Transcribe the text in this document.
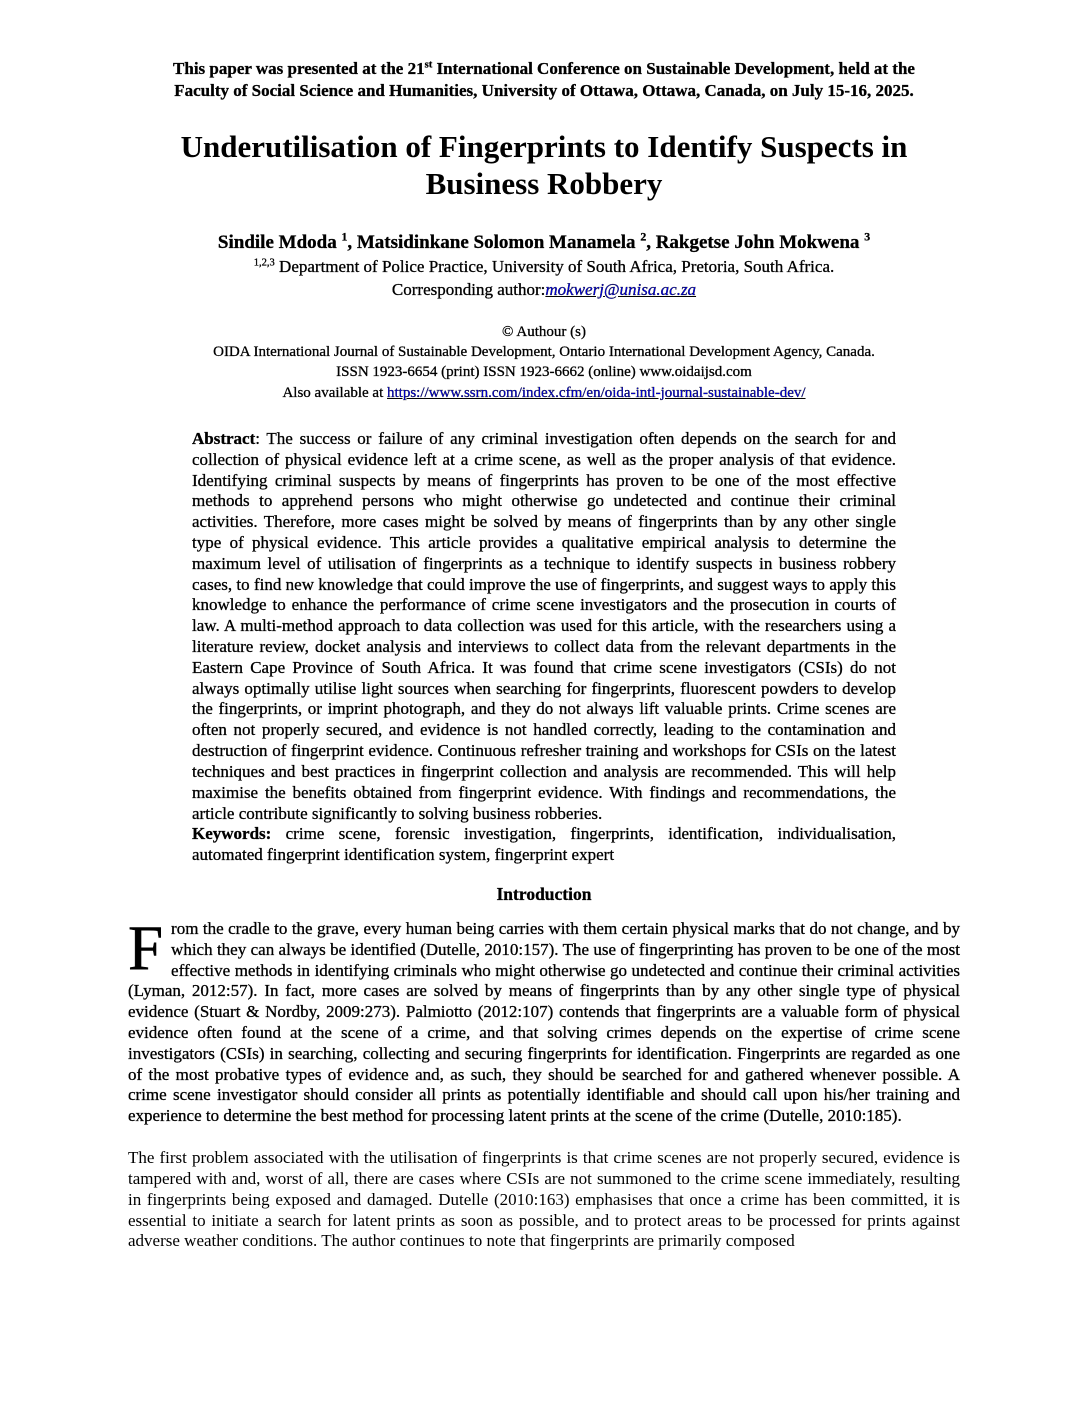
This paper was presented at the 21st International Conference on Sustainable Development, held at the Faculty of Social Science and Humanities, University of Ottawa, Ottawa, Canada, on July 15-16, 2025.

Underutilisation of Fingerprints to Identify Suspects in Business Robbery

Sindile Mdoda $^1$, Matsidinkane Solomon Manamela $^2$, Rakgetse John Mokwena $^3$

$^{1,2,3}$ Department of Police Practice, University of South Africa, Pretoria, South Africa.

Corresponding author:mokwerj@unisa.ac.za

© Authour (s)
OIDA International Journal of Sustainable Development, Ontario International Development Agency, Canada.
ISSN 1923-6654 (print) ISSN 1923-6662 (online) www.oidaijsd.com
Also available at https://www.ssrn.com/index.cfm/en/oida-intl-journal-sustainable-dev/

Abstract: The success or failure of any criminal investigation often depends on the search for and collection of physical evidence left at a crime scene, as well as the proper analysis of that evidence. Identifying criminal suspects by means of fingerprints has proven to be one of the most effective methods to apprehend persons who might otherwise go undetected and continue their criminal activities. Therefore, more cases might be solved by means of fingerprints than by any other single type of physical evidence. This article provides a qualitative empirical analysis to determine the maximum level of utilisation of fingerprints as a technique to identify suspects in business robbery cases, to find new knowledge that could improve the use of fingerprints, and suggest ways to apply this knowledge to enhance the performance of crime scene investigators and the prosecution in courts of law. A multi-method approach to data collection was used for this article, with the researchers using a literature review, docket analysis and interviews to collect data from the relevant departments in the Eastern Cape Province of South Africa. It was found that crime scene investigators (CSIs) do not always optimally utilise light sources when searching for fingerprints, fluorescent powders to develop the fingerprints, or imprint photograph, and they do not always lift valuable prints. Crime scenes are often not properly secured, and evidence is not handled correctly, leading to the contamination and destruction of fingerprint evidence. Continuous refresher training and workshops for CSIs on the latest techniques and best practices in fingerprint collection and analysis are recommended. This will help maximise the benefits obtained from fingerprint evidence. With findings and recommendations, the article contribute significantly to solving business robberies.

Keywords: crime scene, forensic investigation, fingerprints, identification, individualisation, automated fingerprint identification system, fingerprint expert

Introduction

From the cradle to the grave, every human being carries with them certain physical marks that do not change, and by which they can always be identified (Dutelle, 2010:157). The use of fingerprinting has proven to be one of the most effective methods in identifying criminals who might otherwise go undetected and continue their criminal activities (Lyman, 2012:57). In fact, more cases are solved by means of fingerprints than by any other single type of physical evidence (Stuart & Nordby, 2009:273). Palmiotto (2012:107) contends that fingerprints are a valuable form of physical evidence often found at the scene of a crime, and that solving crimes depends on the expertise of crime scene investigators (CSIs) in searching, collecting and securing fingerprints for identification. Fingerprints are regarded as one of the most probative types of evidence and, as such, they should be searched for and gathered whenever possible. A crime scene investigator should consider all prints as potentially identifiable and should call upon his/her training and experience to determine the best method for processing latent prints at the scene of the crime (Dutelle, 2010:185).

The first problem associated with the utilisation of fingerprints is that crime scenes are not properly secured, evidence is tampered with and, worst of all, there are cases where CSIs are not summoned to the crime scene immediately, resulting in fingerprints being exposed and damaged. Dutelle (2010:163) emphasises that once a crime has been committed, it is essential to initiate a search for latent prints as soon as possible, and to protect areas to be processed for prints against adverse weather conditions. The author continues to note that fingerprints are primarily composed
